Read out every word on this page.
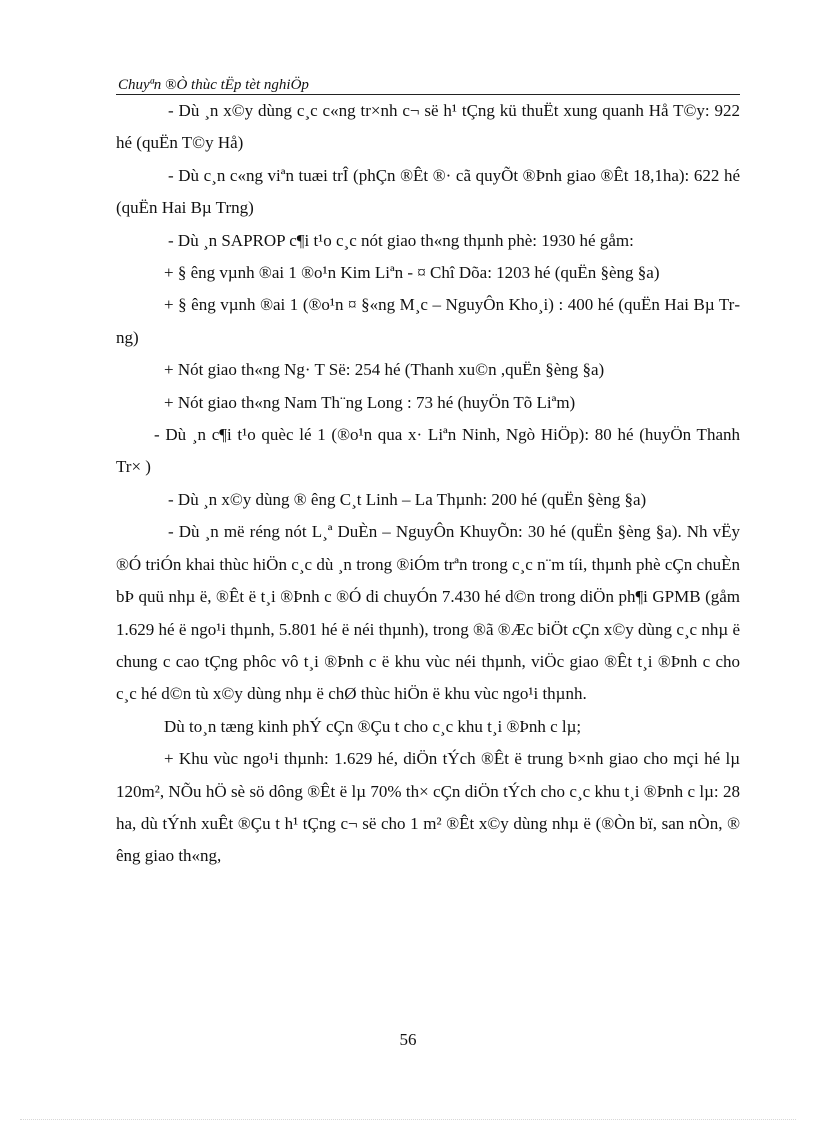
Chuyªn ®Ò thùc tËp tèt nghiÖp

- Dù ¸n x©y dùng c¸c c«ng tr×nh c¬ së h¹ tÇng kü thuËt xung quanh Hå T©y: 922 hé (quËn T©y Hå)

- Dù c¸n c«ng viªn tuæi trÎ (phÇn ®Êt ®· cã quyÕt ®Þnh giao ®Êt 18,1ha): 622 hé (quËn Hai Bµ Trng)

- Dù ¸n SAPROP c¶i t¹o c¸c nót giao th«ng thµnh phè: 1930 hé gåm:

+ § êng vµnh ®ai 1 ®o¹n Kim Liªn - ¤ Chî Dõa: 1203 hé (quËn §èng §a)

+ § êng vµnh ®ai 1 (®o¹n ¤ §«ng M¸c – NguyÔn Kho¸i) : 400 hé (quËn Hai Bµ Trng)

+ Nót giao th«ng Ng· T Së: 254 hé (Thanh xu©n ,quËn §èng §a)

+ Nót giao th«ng Nam Th¨ng Long : 73 hé (huyÖn Tõ Liªm)

- Dù ¸n c¶i t¹o quèc lé 1 (®o¹n qua x· Liªn Ninh, Ngò HiÖp): 80 hé (huyÖn Thanh Tr× )

- Dù ¸n x©y dùng ® êng C¸t Linh – La Thµnh: 200 hé (quËn §èng §a)

- Dù ¸n më réng nót L¸ª DuÈn – NguyÔn KhuyÕn: 30 hé (quËn §èng §a). Nh vËy ®Ó triÓn khai thùc hiÖn c¸c dù ¸n trong ®iÓm trªn trong c¸c n¨m tíi, thµnh phè cÇn chuÈn bÞ quü nhµ ë, ®Êt ë t¸i ®Þnh c ®Ó di chuyÓn 7.430 hé d©n trong diÖn ph¶i GPMB (gåm 1.629 hé ë ngo¹i thµnh, 5.801 hé ë néi thµnh), trong ®ã ®Æc biÖt cÇn x©y dùng c¸c nhµ ë chung c cao tÇng phôc vô t¸i ®Þnh c ë khu vùc néi thµnh, viÖc giao ®Êt t¸i ®Þnh c cho c¸c hé d©n tù x©y dùng nhµ ë chØ thùc hiÖn ë khu vùc ngo¹i thµnh.

Dù to¸n tæng kinh phÝ cÇn ®Çu t cho c¸c khu t¸i ®Þnh c lµ;

+ Khu vùc ngo¹i thµnh: 1.629 hé, diÖn tÝch ®Êt ë trung b×nh giao cho mçi hé lµ 120m², NÕu hÖ sè sö dông ®Êt ë lµ 70% th× cÇn diÖn tÝch cho c¸c khu t¸i ®Þnh c lµ: 28 ha, dù tÝnh xuÊt ®Çu t h¹ tÇng c¬ së cho 1 m² ®Êt x©y dùng nhµ ë (®Òn bï, san nÒn, ® êng giao th«ng,

56
